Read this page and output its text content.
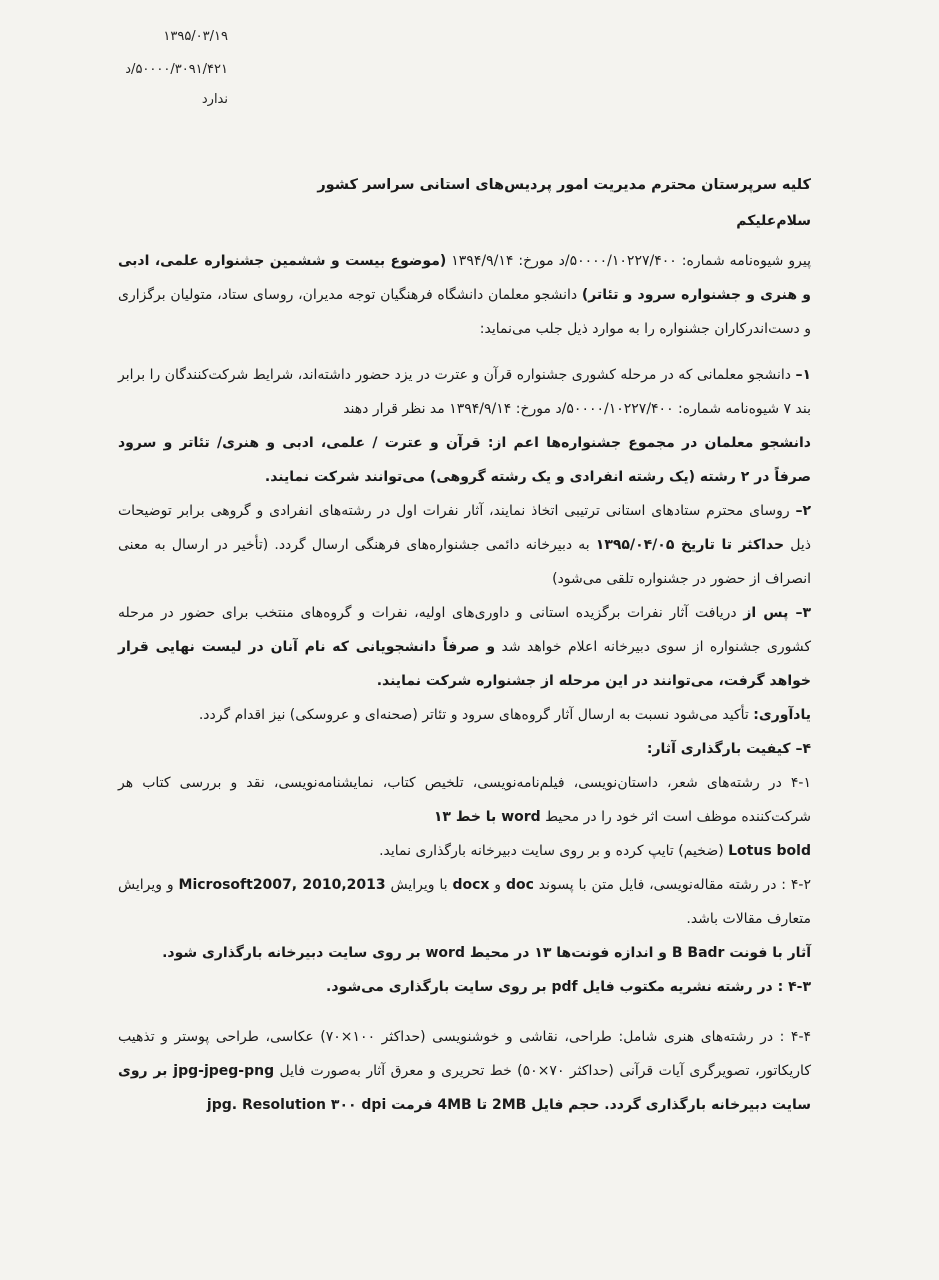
۱۳۹۵/۰۳/۱۹
۵۰۰۰۰/۳۰۹۱/۴۲۱/د
ندارد

کلیه سرپرستان محترم مدیریت امور پردیس‌های استانی سراسر کشور

سلام‌علیکم

پیرو شیوه‌نامه شماره: ۵۰۰۰۰/۱۰۲۲۷/۴۰۰/د مورخ: ۱۳۹۴/۹/۱۴ (موضوع بیست و ششمین جشنواره علمی، ادبی و هنری و جشنواره سرود و تئاتر) دانشجو معلمان دانشگاه فرهنگیان توجه مدیران، روسای ستاد، متولیان برگزاری و دست‌اندرکاران جشنواره را به موارد ذیل جلب می‌نماید:

۱– دانشجو معلمانی که در مرحله کشوری جشنواره قرآن و عترت در یزد حضور داشته‌اند، شرایط شرکت‌کنندگان را برابر بند ۷ شیوه‌نامه شماره: ۵۰۰۰۰/۱۰۲۲۷/۴۰۰/د مورخ: ۱۳۹۴/۹/۱۴ مد نظر قرار دهند

دانشجو معلمان در مجموع جشنواره‌ها اعم از: قرآن و عترت / علمی، ادبی و هنری/ تئاتر و سرود صرفاً در ۲ رشته (یک رشته انفرادی و یک رشته گروهی) می‌توانند شرکت نمایند.

۲– روسای محترم ستادهای استانی ترتیبی اتخاذ نمایند، آثار نفرات اول در رشته‌های انفرادی و گروهی برابر توضیحات ذیل حداکثر تا تاریخ ۱۳۹۵/۰۴/۰۵ به دبیرخانه دائمی جشنواره‌های فرهنگی ارسال گردد. (تأخیر در ارسال به معنی انصراف از حضور در جشنواره تلقی می‌شود)

۳– پس از دریافت آثار نفرات برگزیده استانی و داوری‌های اولیه، نفرات و گروه‌های منتخب برای حضور در مرحله کشوری جشنواره از سوی دبیرخانه اعلام خواهد شد و صرفاً دانشجویانی که نام آنان در لیست نهایی قرار خواهد گرفت، می‌توانند در این مرحله از جشنواره شرکت نمایند.

یادآوری: تأکید می‌شود نسبت به ارسال آثار گروه‌های سرود و تئاتر (صحنه‌ای و عروسکی) نیز اقدام گردد.

۴– کیفیت بارگذاری آثار:

۴-۱ در رشته‌های شعر، داستان‌نویسی، فیلم‌نامه‌نویسی، تلخیص کتاب، نمایشنامه‌نویسی، نقد و بررسی کتاب هر شرکت‌کننده موظف است اثر خود را در محیط word با خط ۱۳

Lotus bold (ضخیم) تایپ کرده و بر روی سایت دبیرخانه بارگذاری نماید.

۴-۲ : در رشته مقاله‌نویسی، فایل متن با پسوند doc و docx با ویرایش Microsoft2007, 2010,2013 و ویرایش متعارف مقالات باشد.

آثار با فونت B Badr و اندازه فونت‌ها ۱۳ در محیط word بر روی سایت دبیرخانه بارگذاری شود.

۴-۳ : در رشته نشریه مکتوب فایل pdf بر روی سایت بارگذاری می‌شود.

۴-۴ : در رشته‌های هنری شامل: طراحی، نقاشی و خوشنویسی (حداکثر ۱۰۰×۷۰) عکاسی، طراحی پوستر و تذهیب کاریکاتور، تصویرگری آیات قرآنی (حداکثر ۷۰×۵۰) خط تحریری و معرق آثار به‌صورت فایل jpg-jpeg-png بر روی سایت دبیرخانه بارگذاری گردد. حجم فایل 2MB تا 4MB فرمت jpg. Resolution ۳۰۰ dpi
